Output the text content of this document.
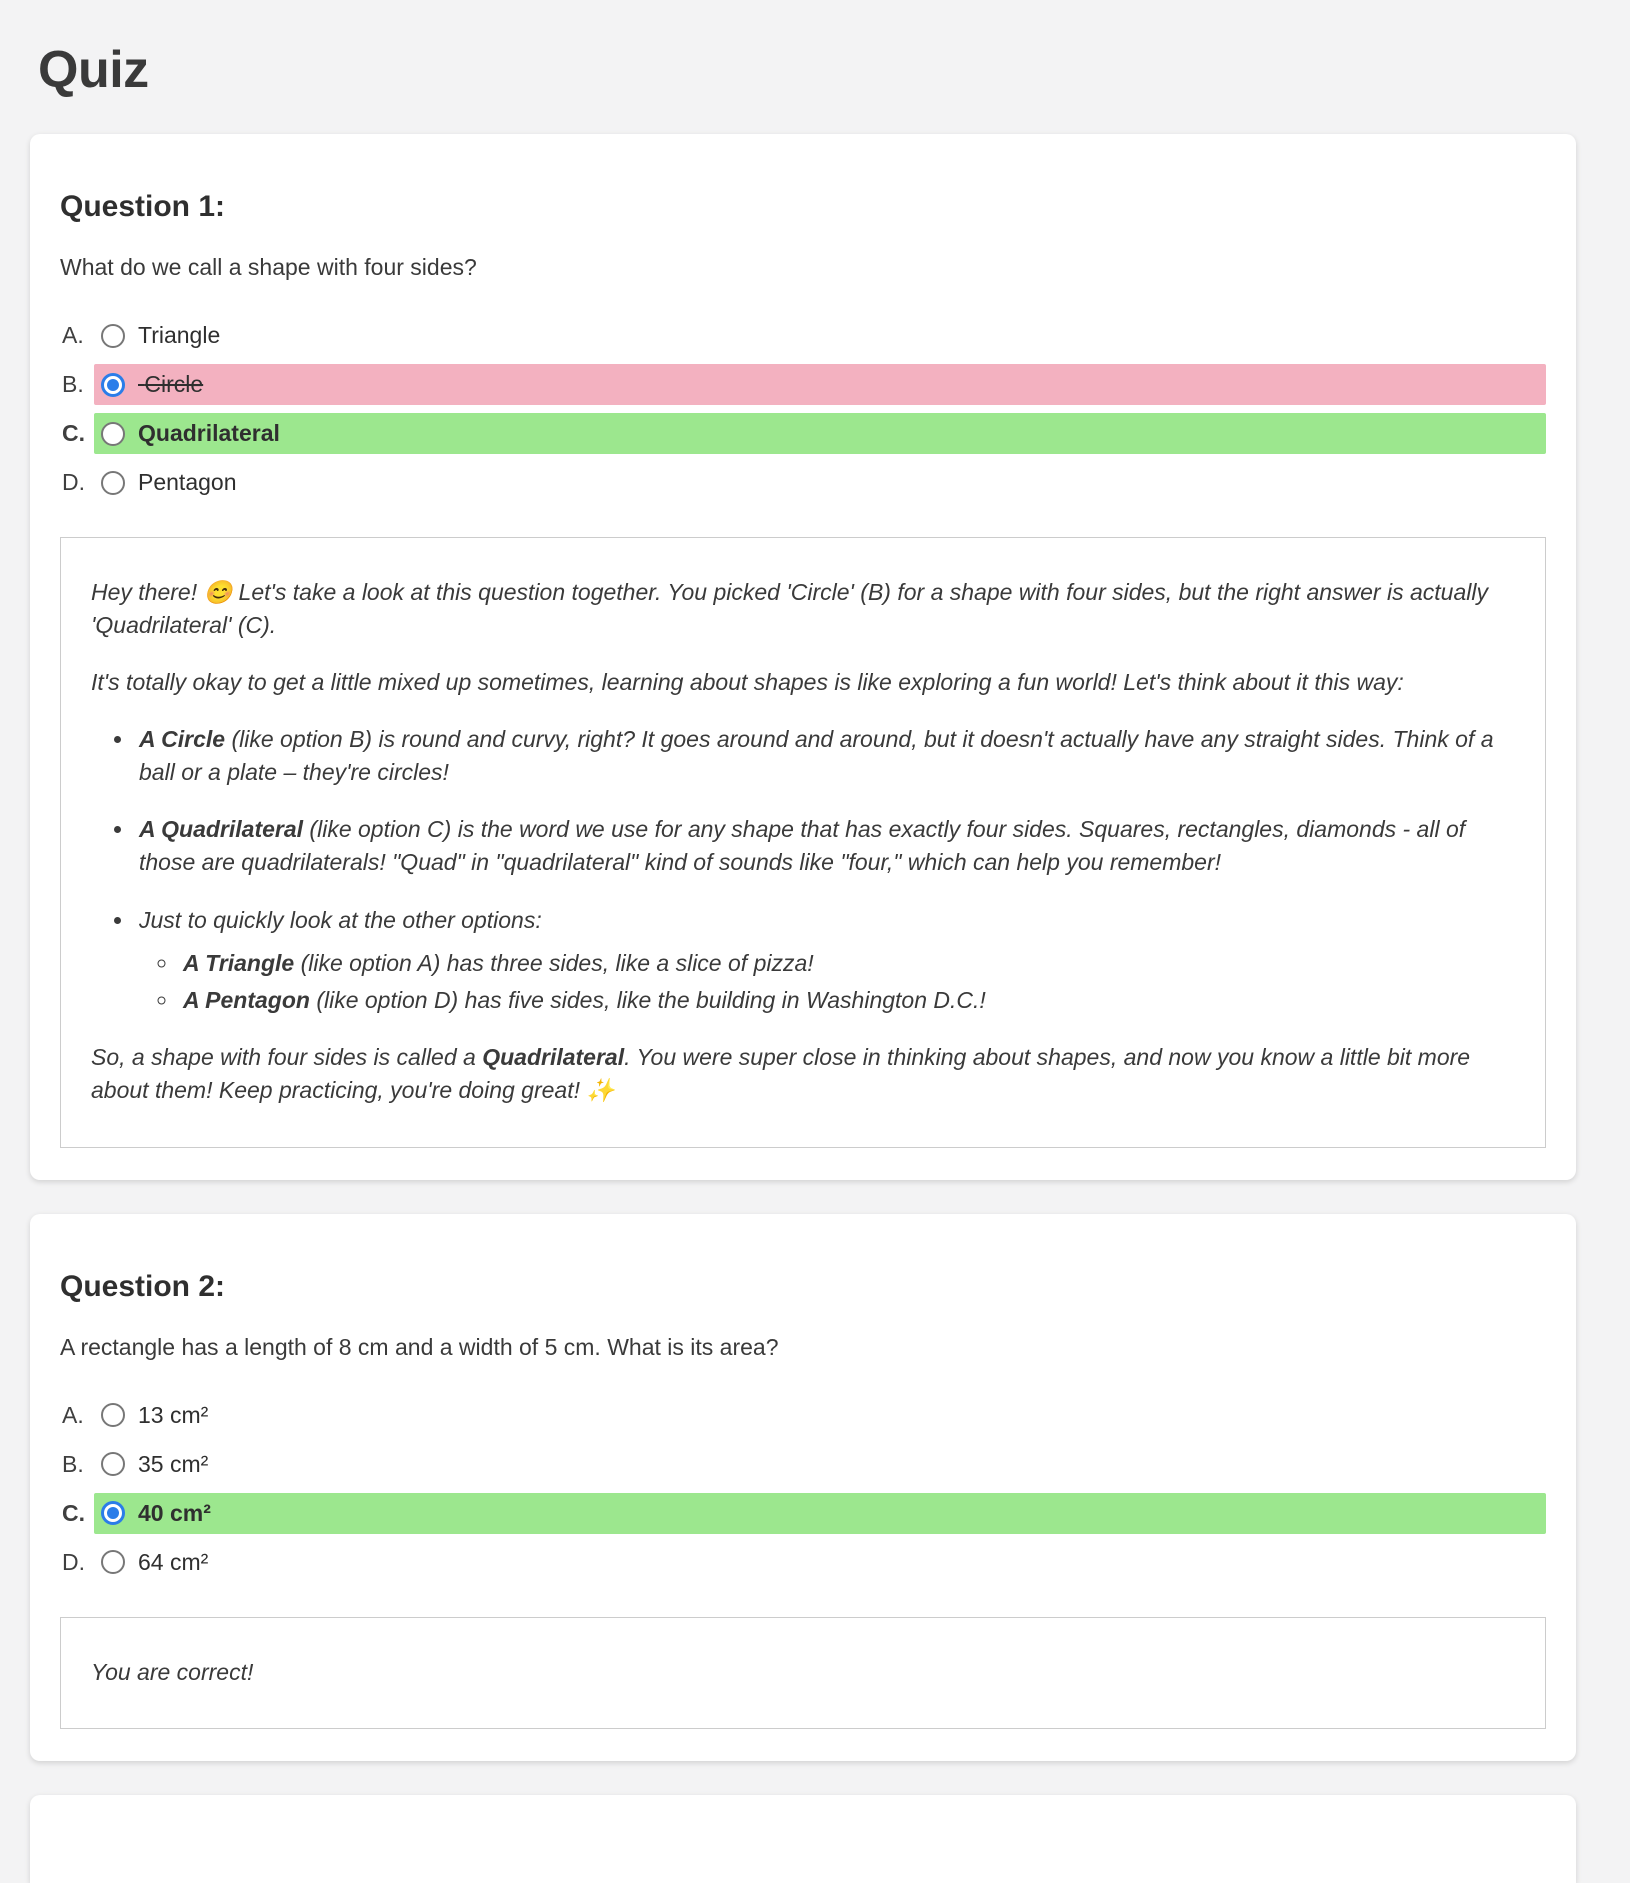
Quiz
Question 1:

What do we call a shape with four sides?

A.	Triangle
B.	Circle
C.	Quadrilateral
D.	Pentagon

Hey there! 😊 Let's take a look at this question together. You picked 'Circle' (B) for a shape with four sides, but the right answer is actually 'Quadrilateral' (C).

It's totally okay to get a little mixed up sometimes, learning about shapes is like exploring a fun world! Let's think about it this way:

• A Circle (like option B) is round and curvy, right? It goes around and around, but it doesn't actually have any straight sides. Think of a ball or a plate – they're circles!
• A Quadrilateral (like option C) is the word we use for any shape that has exactly four sides. Squares, rectangles, diamonds - all of those are quadrilaterals! "Quad" in "quadrilateral" kind of sounds like "four," which can help you remember!
• Just to quickly look at the other options:
◦ A Triangle (like option A) has three sides, like a slice of pizza!
◦ A Pentagon (like option D) has five sides, like the building in Washington D.C.!

So, a shape with four sides is called a Quadrilateral. You were super close in thinking about shapes, and now you know a little bit more about them! Keep practicing, you're doing great! ✨

Question 2:

A rectangle has a length of 8 cm and a width of 5 cm. What is its area?

A.	13 cm²
B.	35 cm²
C.	40 cm²
D.	64 cm²

You are correct!
